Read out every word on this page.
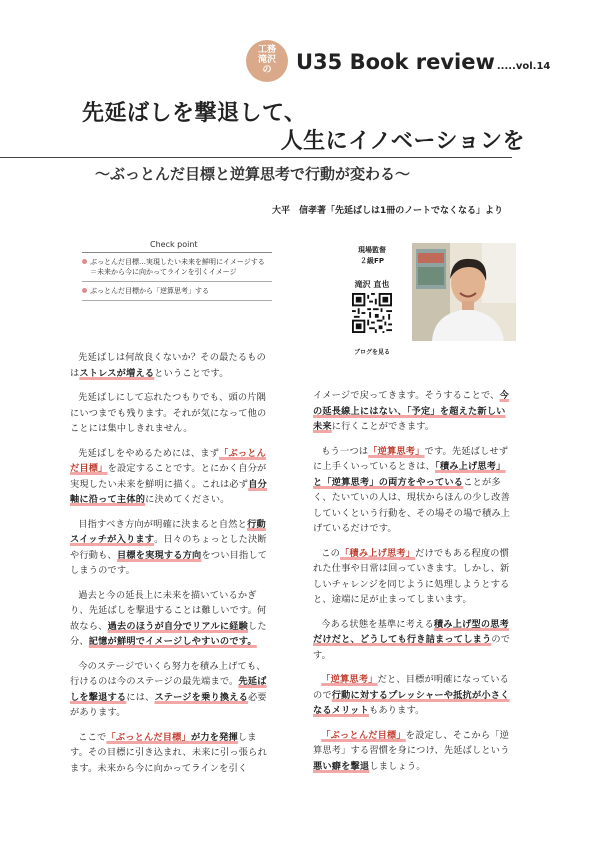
工務
滝沢
の	U35 Book review .....vol.14
先延ばしを撃退して、
人生にイノベーションを
～ぶっとんだ目標と逆算思考で行動が変わる～
大平　信孝著「先延ばしは1冊のノートでなくなる」より
Check point
ぶっとんだ目標…実現したい未来を鮮明にイメージする
＝未来から今に向かってラインを引くイメージ
ぶっとんだ目標から「逆算思考」する
現場監督
２級FP
滝沢 直也
ブログを見る

先延ばしは何故良くないか？その最たるものはストレスが増えるということです。

先延ばしにして忘れたつもりでも、頭の片隅にいつまでも残ります。それが気になって他のことには集中しきれません。

先延ばしをやめるためには、まず「ぶっとんだ目標」を設定することです。とにかく自分が実現したい未来を鮮明に描く。これは必ず自分軸に沿って主体的に決めてください。

目指すべき方向が明確に決まると自然と行動スイッチが入ります。日々のちょっとした決断や行動も、目標を実現する方向をつい目指してしまうのです。

過去と今の延長上に未来を描いているかぎり、先延ばしを撃退することは難しいです。何故なら、過去のほうが自分でリアルに経験した分、記憶が鮮明でイメージしやすいのです。

今のステージでいくら努力を積み上げても、行けるのは今のステージの最先端まで。先延ばしを撃退するには、ステージを乗り換える必要があります。

ここで「ぶっとんだ目標」が力を発揮します。その目標に引き込まれ、未来に引っ張られます。未来から今に向かってラインを引く

イメージで戻ってきます。そうすることで、今の延長線上にはない、「予定」を超えた新しい未来に行くことができます。

もう一つは「逆算思考」です。先延ばしせずに上手くいっているときは、「積み上げ思考」と「逆算思考」の両方をやっていることが多く、たいていの人は、現状からほんの少し改善していくという行動を、その場その場で積み上げているだけです。

この「積み上げ思考」だけでもある程度の慣れた仕事や日常は回っていきます。しかし、新しいチャレンジを同じように処理しようとすると、途端に足が止まってしまいます。

今ある状態を基準に考える積み上げ型の思考だけだと、どうしても行き詰まってしまうのです。

「逆算思考」だと、目標が明確になっているので行動に対するプレッシャーや抵抗が小さくなるメリットもあります。

「ぶっとんだ目標」を設定し、そこから「逆算思考」する習慣を身につけ、先延ばしという悪い癖を撃退しましょう。
